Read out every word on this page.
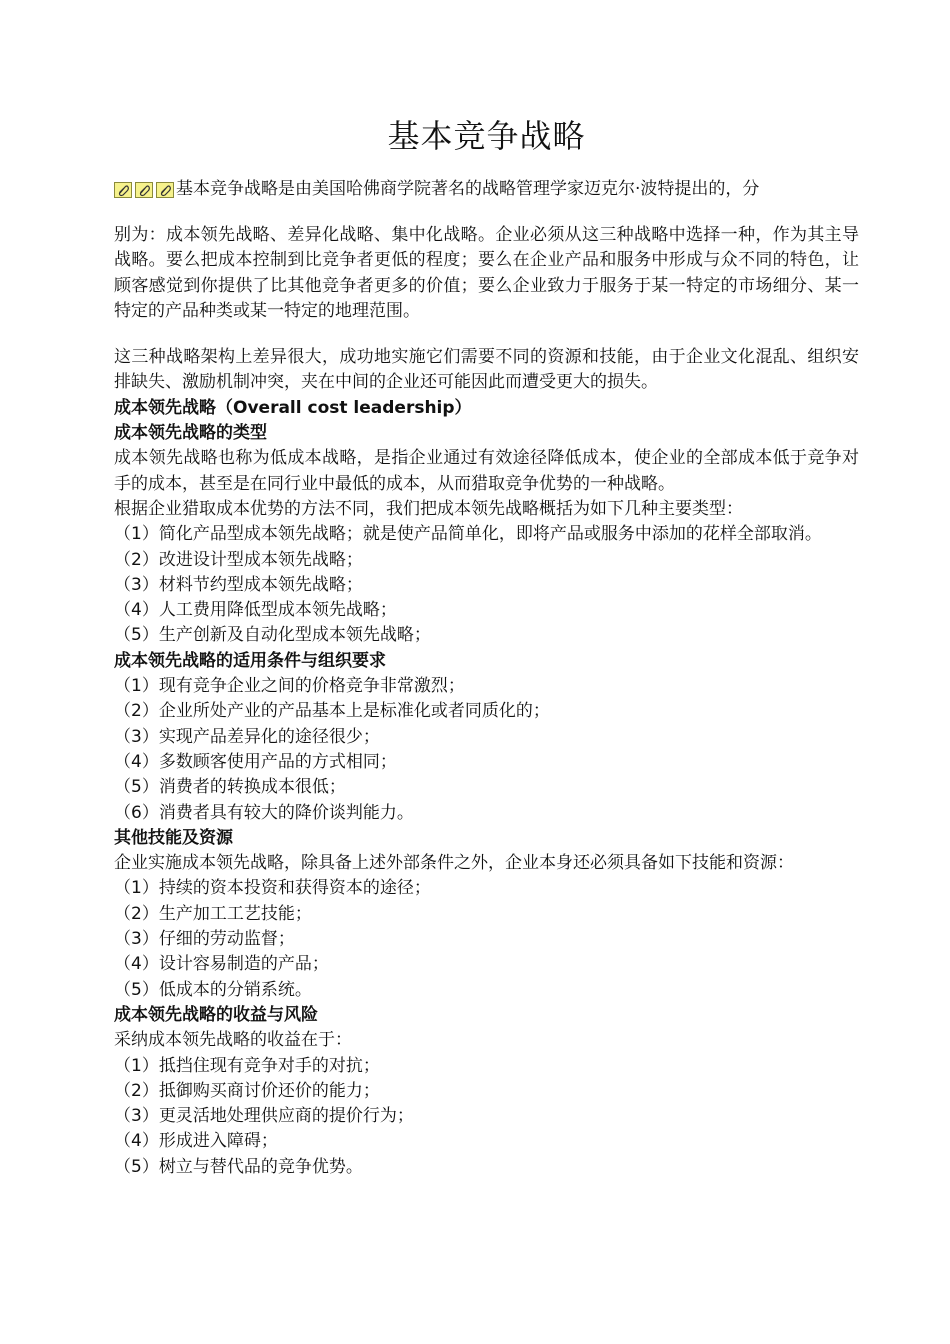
基本竞争战略
基本竞争战略是由美国哈佛商学院著名的战略管理学家迈克尔·波特提出的，分

别为：成本领先战略、差异化战略、集中化战略。企业必须从这三种战略中选择一种，作为其主导战略。要么把成本控制到比竞争者更低的程度；要么在企业产品和服务中形成与众不同的特色，让顾客感觉到你提供了比其他竞争者更多的价值；要么企业致力于服务于某一特定的市场细分、某一特定的产品种类或某一特定的地理范围。

这三种战略架构上差异很大，成功地实施它们需要不同的资源和技能，由于企业文化混乱、组织安排缺失、激励机制冲突，夹在中间的企业还可能因此而遭受更大的损失。

成本领先战略（Overall cost leadership）

成本领先战略的类型

成本领先战略也称为低成本战略，是指企业通过有效途径降低成本，使企业的全部成本低于竞争对手的成本，甚至是在同行业中最低的成本，从而猎取竞争优势的一种战略。

根据企业猎取成本优势的方法不同，我们把成本领先战略概括为如下几种主要类型：

（1）简化产品型成本领先战略；就是使产品简单化，即将产品或服务中添加的花样全部取消。

（2）改进设计型成本领先战略；

（3）材料节约型成本领先战略；

（4）人工费用降低型成本领先战略；

（5）生产创新及自动化型成本领先战略；

成本领先战略的适用条件与组织要求

（1）现有竞争企业之间的价格竞争非常激烈；

（2）企业所处产业的产品基本上是标准化或者同质化的；

（3）实现产品差异化的途径很少；

（4）多数顾客使用产品的方式相同；

（5）消费者的转换成本很低；

（6）消费者具有较大的降价谈判能力。

其他技能及资源

企业实施成本领先战略，除具备上述外部条件之外，企业本身还必须具备如下技能和资源：

（1）持续的资本投资和获得资本的途径；

（2）生产加工工艺技能；

（3）仔细的劳动监督；

（4）设计容易制造的产品；

（5）低成本的分销系统。

成本领先战略的收益与风险

采纳成本领先战略的收益在于：

（1）抵挡住现有竞争对手的对抗；

（2）抵御购买商讨价还价的能力；

（3）更灵活地处理供应商的提价行为；

（4）形成进入障碍；

（5）树立与替代品的竞争优势。
